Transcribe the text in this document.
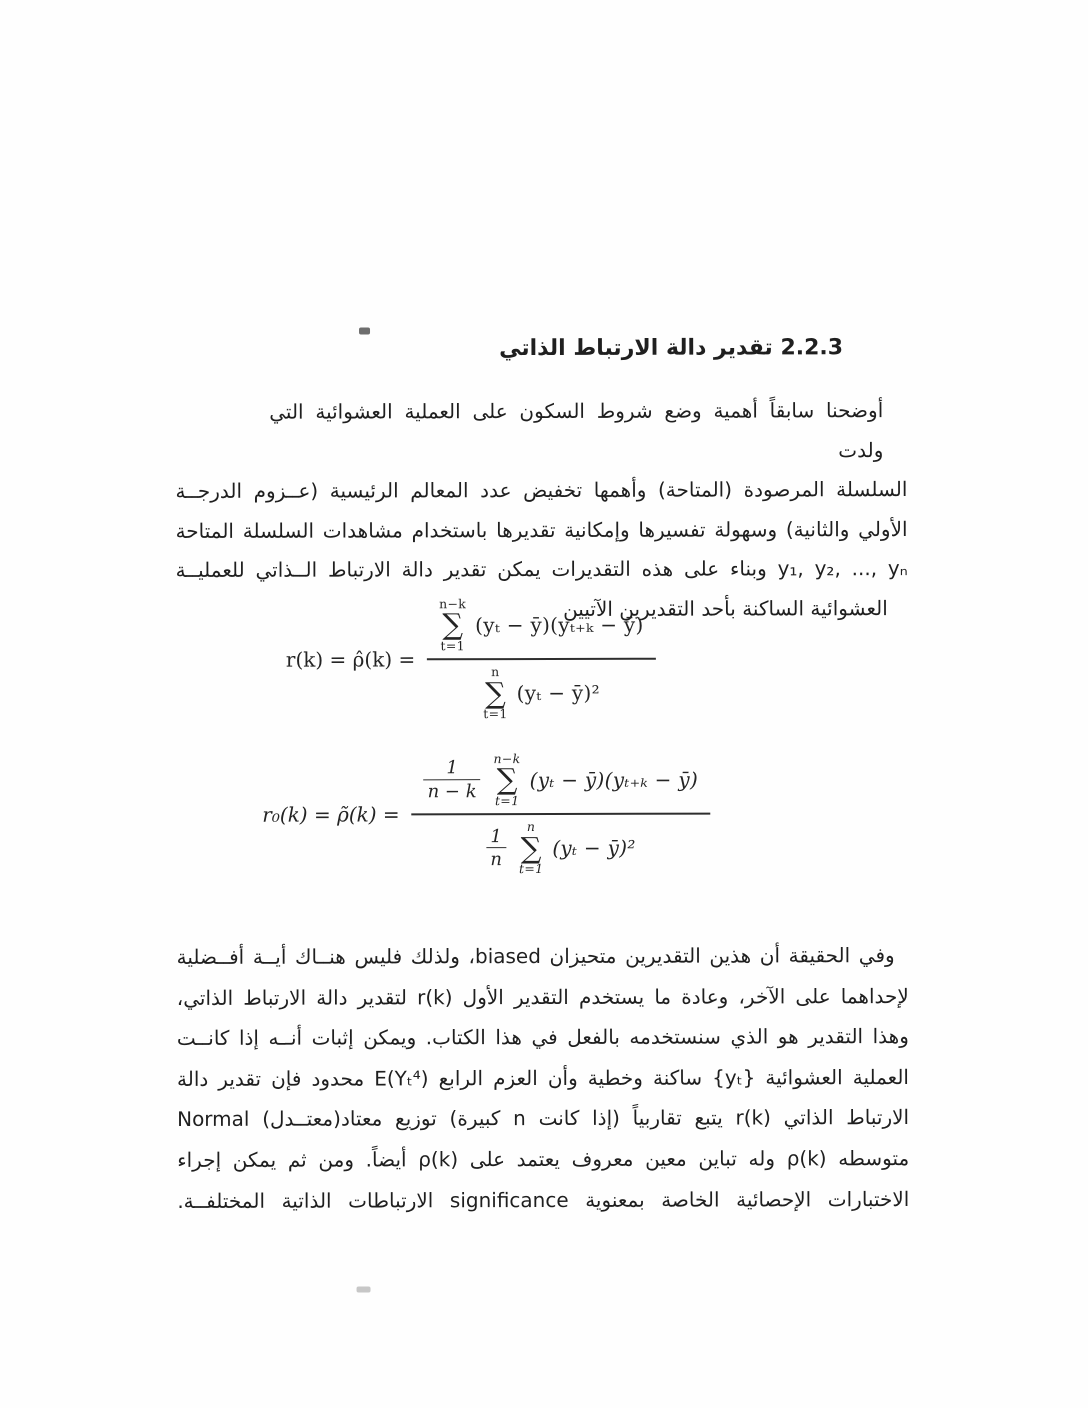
2.2.3 تقدير دالة الارتباط الذاتي
أوضحنا سابقاً أهمية وضع شروط السكون على العملية العشوائية التي ولدت
السلسلة المرصودة (المتاحة) وأهمها تخفيض عدد المعالم الرئيسية (عــزوم الدرجــة
الأولي والثانية) وسهولة تفسيرها وإمكانية تقديرها باستخدام مشاهدات السلسلة المتاحة
⁦y₁, y₂, ..., yₙ⁩ وبناء على هذه التقديرات يمكن تقدير دالة الارتباط الــذاتي للعمليــة
العشوائية الساكنة بأحد التقديرين الآتيين
r(k) = ρ̂(k) =
n−k
∑
t=1
(yₜ − ȳ)(yₜ₊ₖ − ȳ)
n
∑
t=1
(yₜ − ȳ)²
r₀(k) = ρ̃(k) =
$\frac{1}{n - k} n-k$
∑
t=1
(yₜ − ȳ)(yₜ₊ₖ − ȳ)
$\frac{1}{n}$ n
∑
t=1
(yₜ − ȳ)²
وفي الحقيقة أن هذين التقديرين متحيزان ⁦biased⁩، ولذلك فليس هنــاك أيــة أفــضلية
لإحداهما على الآخر، وعادة ما يستخدم التقدير الأول ⁦r(k)⁩ لتقدير دالة الارتباط الذاتي،
وهذا التقدير هو الذي سنستخدمه بالفعل في هذا الكتاب. ويمكن إثبات أنــه إذا كانــت
العملية العشوائية ⁦{yₜ}⁩ ساكنة وخطية وأن العزم الرابع ⁦E(Yₜ⁴)⁩ محدود فإن تقدير دالة
الارتباط الذاتي ⁦r(k)⁩ يتبع تقاربياً (إذا كانت ⁦n⁩ كبيرة) توزيع معتاد(معتــدل) ⁦Normal⁩
متوسطه ⁦ρ(k)⁩ وله تباين معين معروف يعتمد على ⁦ρ(k)⁩ أيضاً. ومن ثم يمكن إجراء
الاختبارات الإحصائية الخاصة بمعنوية ⁦significance⁩ الارتباطات الذاتية المختلفــة.
